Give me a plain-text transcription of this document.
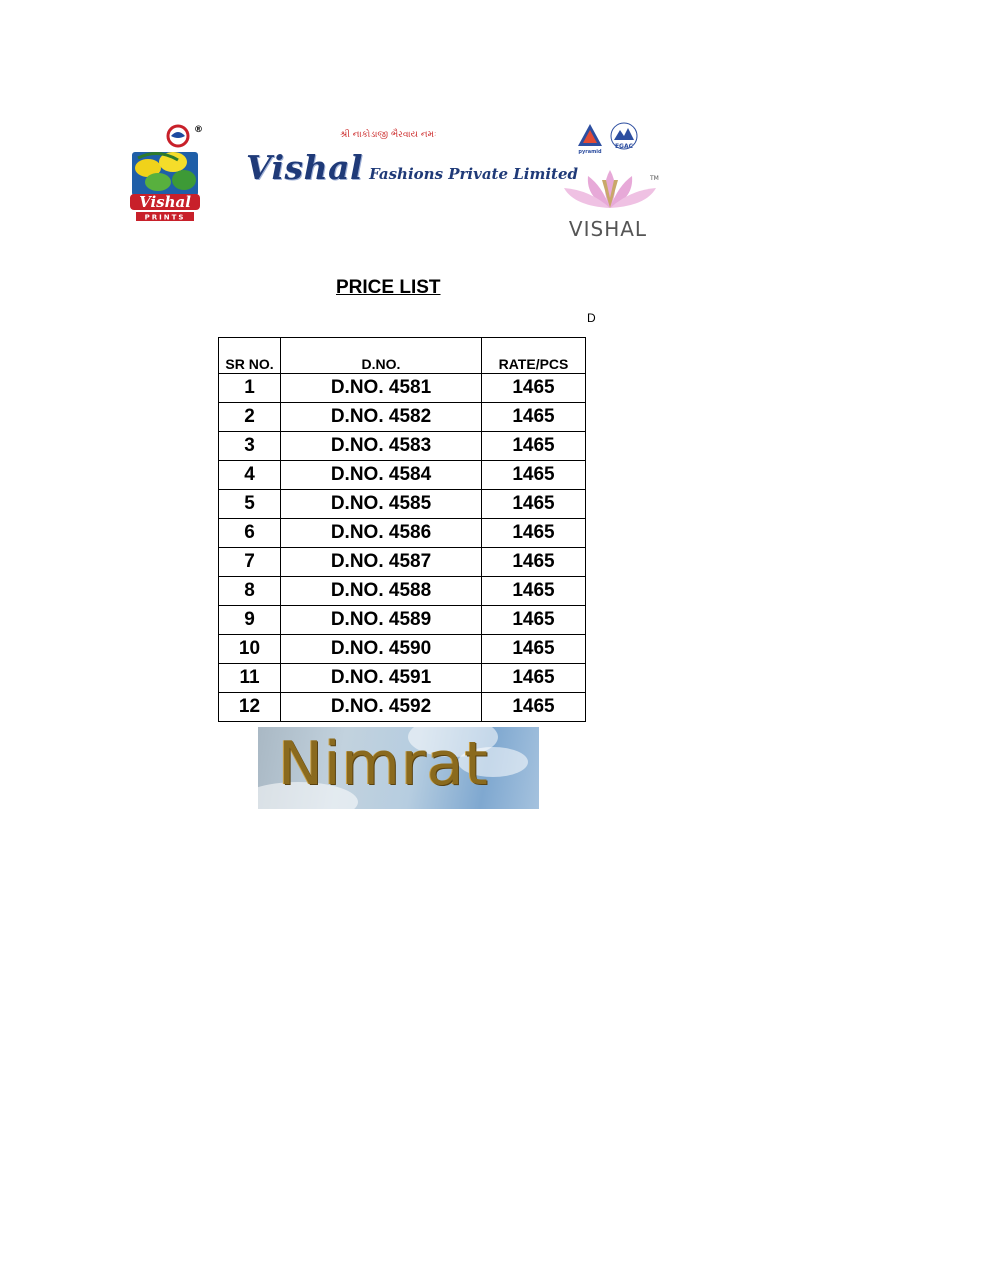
Vishal
PRINTS
®	શ્રી નાકોડાજી ભૈરવાય નમઃ
Vishal Fashions Private Limited
pyramid
EGAC
TM
VISHAL
PRICE LIST
D
SR NO.	D.NO.	RATE/PCS
1	D.NO. 4581	1465
2	D.NO. 4582	1465
3	D.NO. 4583	1465
4	D.NO. 4584	1465
5	D.NO. 4585	1465
6	D.NO. 4586	1465
7	D.NO. 4587	1465
8	D.NO. 4588	1465
9	D.NO. 4589	1465
10	D.NO. 4590	1465
11	D.NO. 4591	1465
12	D.NO. 4592	1465
Nimrat
